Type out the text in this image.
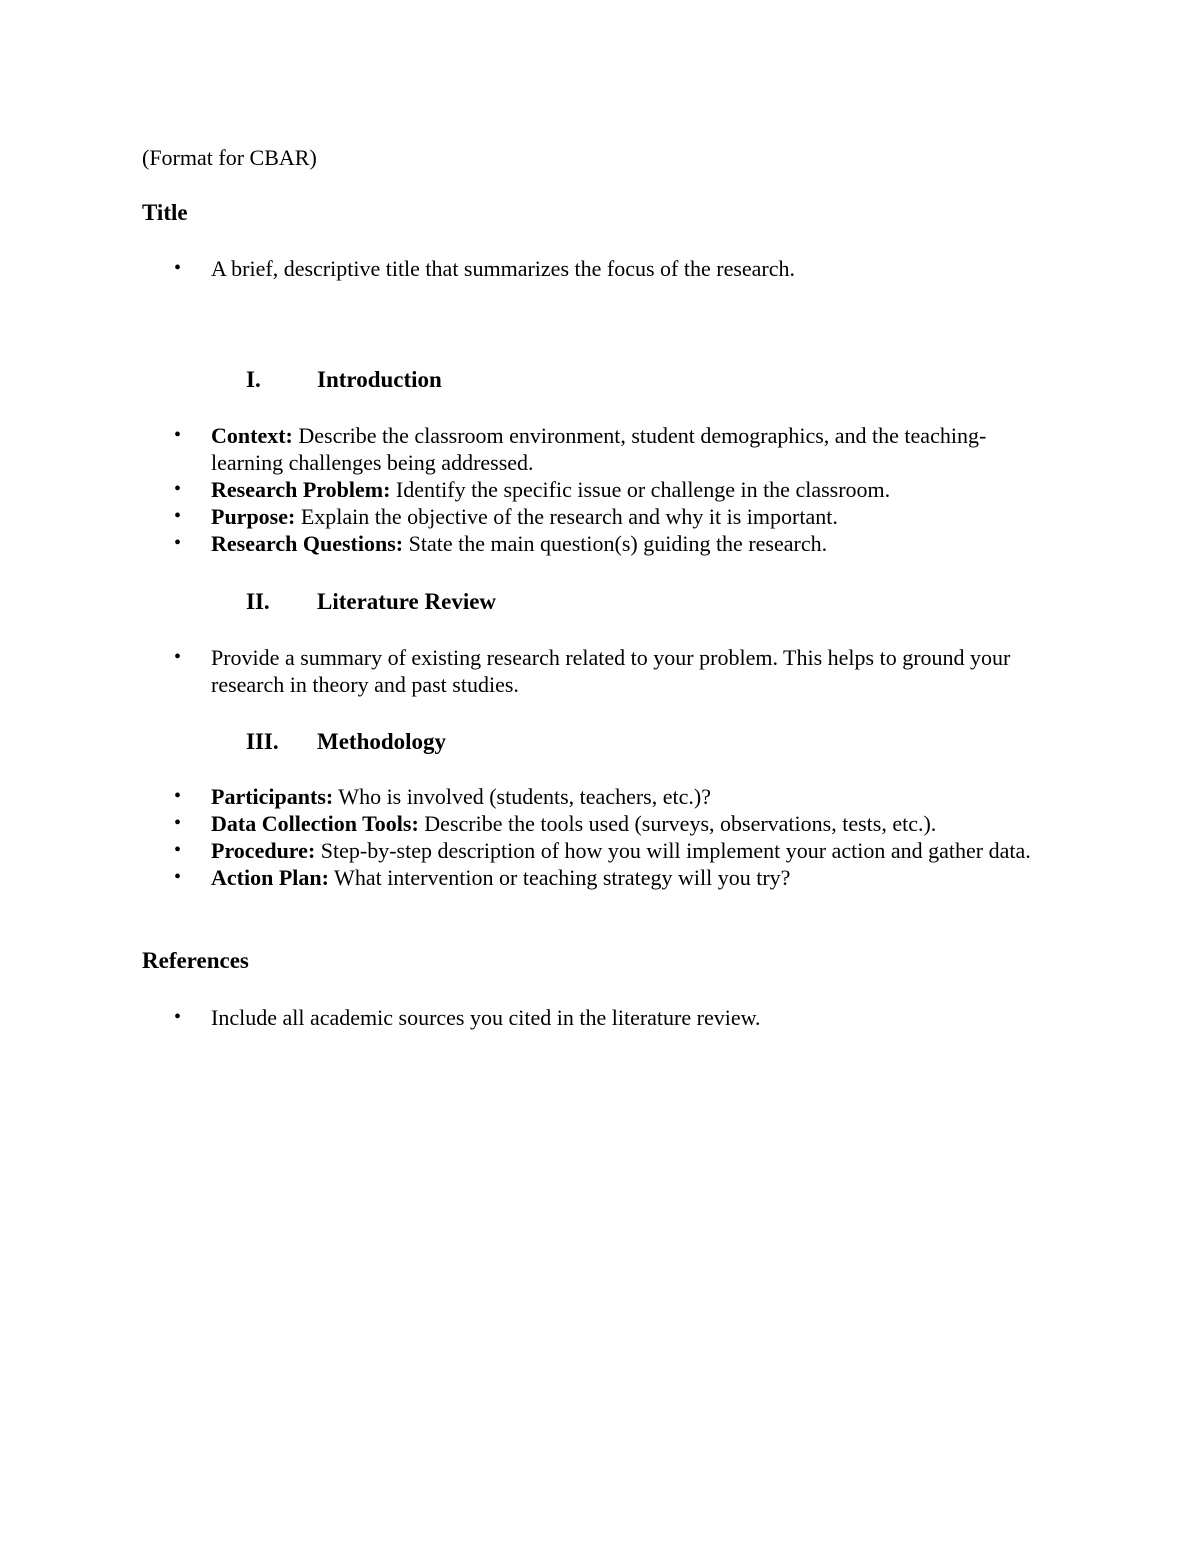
(Format for CBAR)

Title

• A brief, descriptive title that summarizes the focus of the research.
I. Introduction
• Context: Describe the classroom environment, student demographics, and the teaching-learning challenges being addressed.
• Research Problem: Identify the specific issue or challenge in the classroom.
• Purpose: Explain the objective of the research and why it is important.
• Research Questions: State the main question(s) guiding the research.
II. Literature Review
• Provide a summary of existing research related to your problem. This helps to ground your research in theory and past studies.
III. Methodology
• Participants: Who is involved (students, teachers, etc.)?
• Data Collection Tools: Describe the tools used (surveys, observations, tests, etc.).
• Procedure: Step-by-step description of how you will implement your action and gather data.
• Action Plan: What intervention or teaching strategy will you try?

References

• Include all academic sources you cited in the literature review.
